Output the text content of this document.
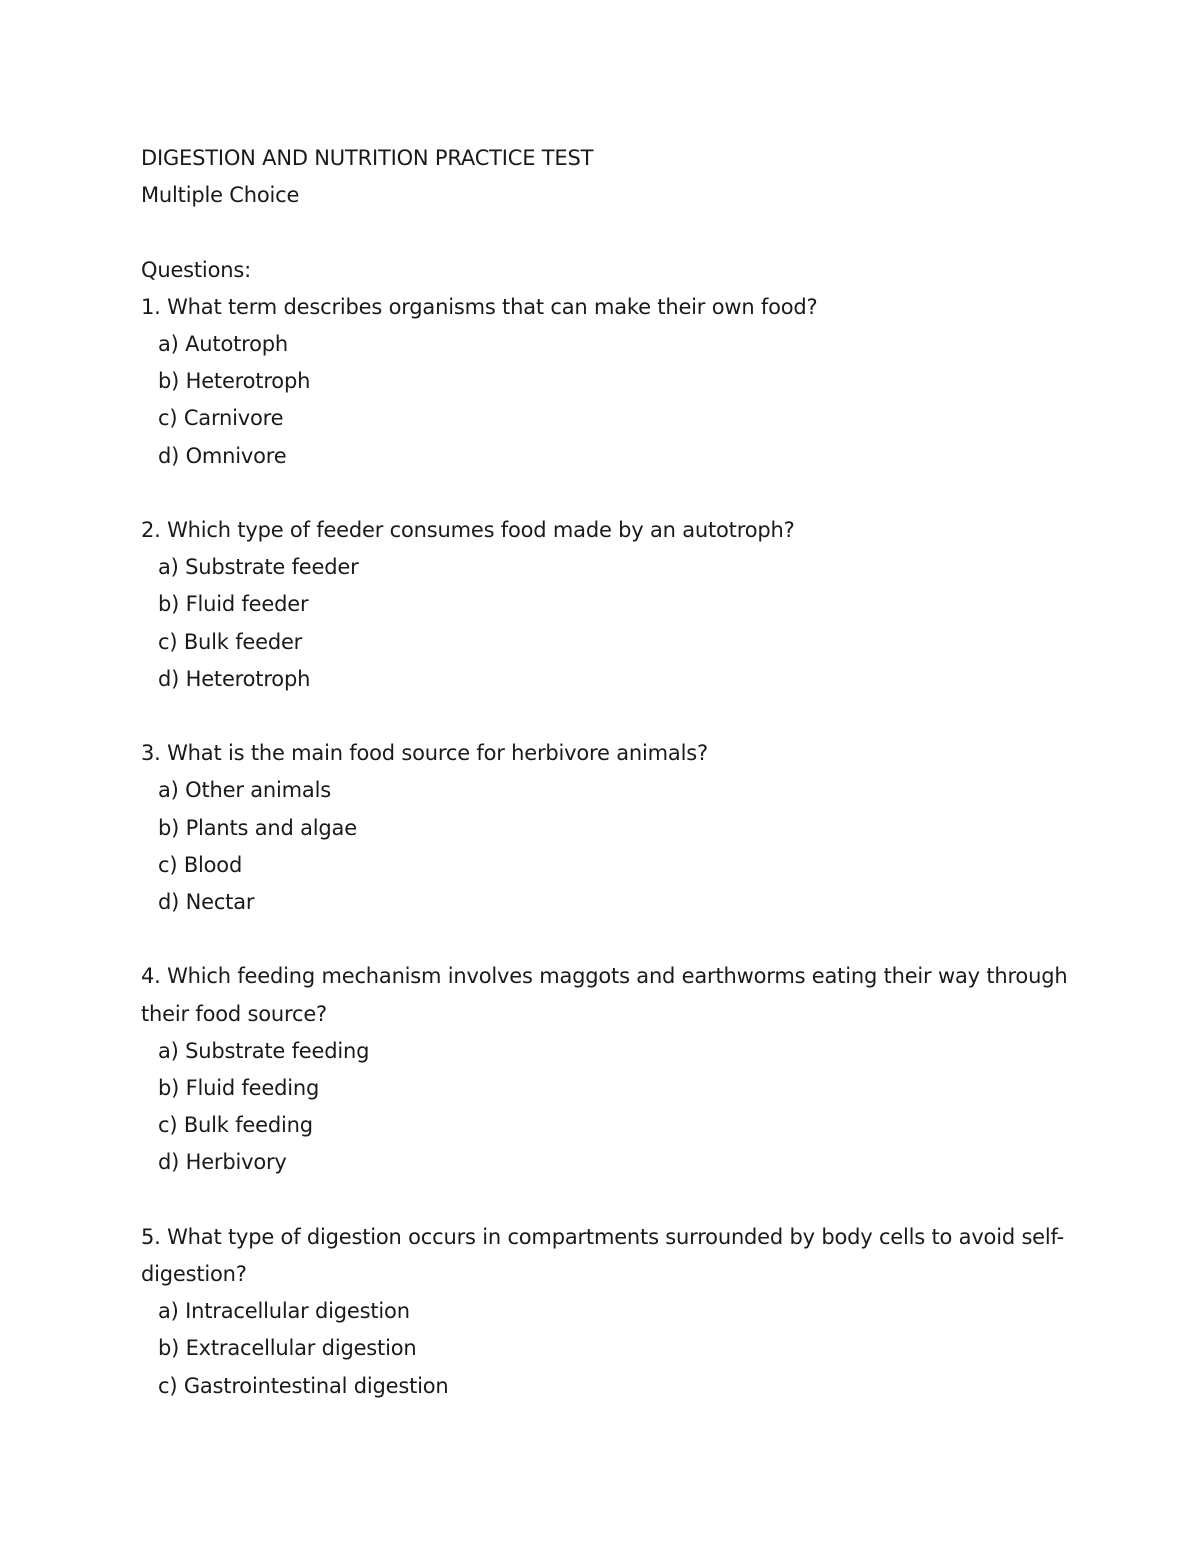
DIGESTION AND NUTRITION PRACTICE TEST

Multiple Choice

Questions:

1. What term describes organisms that can make their own food?

a) Autotroph

b) Heterotroph

c) Carnivore

d) Omnivore

2. Which type of feeder consumes food made by an autotroph?

a) Substrate feeder

b) Fluid feeder

c) Bulk feeder

d) Heterotroph

3. What is the main food source for herbivore animals?

a) Other animals

b) Plants and algae

c) Blood

d) Nectar

4. Which feeding mechanism involves maggots and earthworms eating their way through their food source?

a) Substrate feeding

b) Fluid feeding

c) Bulk feeding

d) Herbivory

5. What type of digestion occurs in compartments surrounded by body cells to avoid self-digestion?

a) Intracellular digestion

b) Extracellular digestion

c) Gastrointestinal digestion
